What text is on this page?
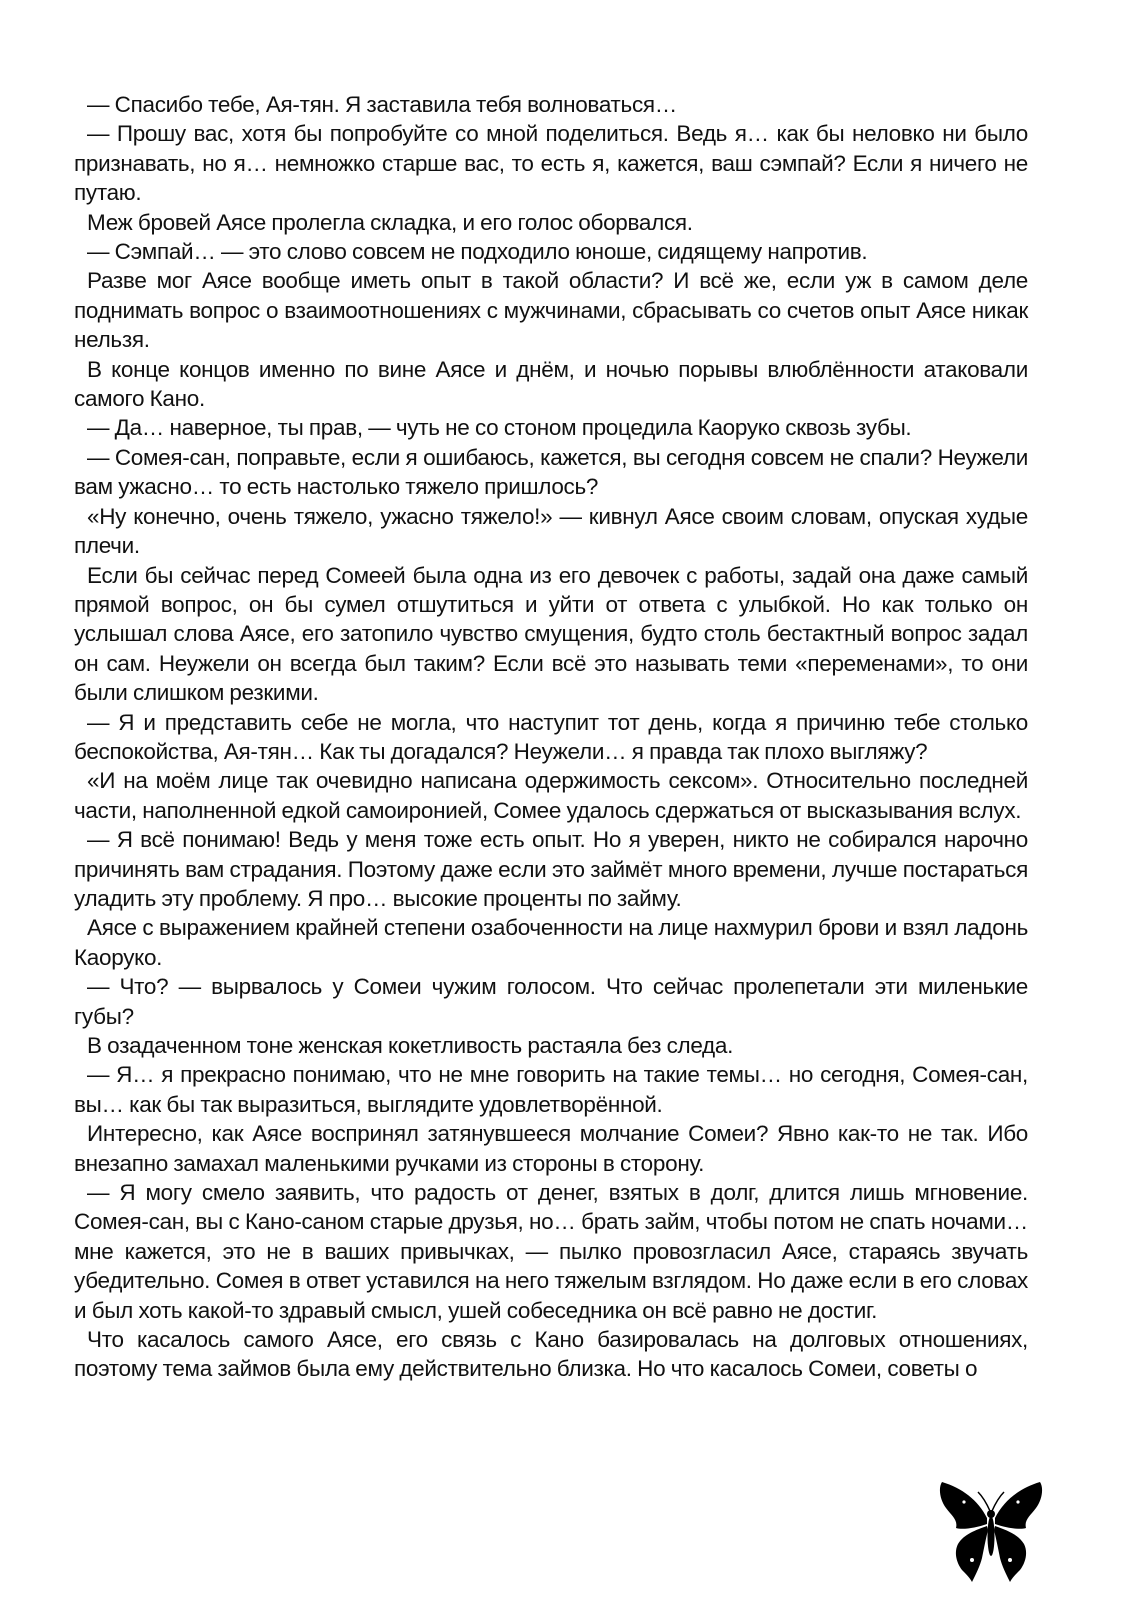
— Спасибо тебе, Ая-тян. Я заставила тебя волноваться…

— Прошу вас, хотя бы попробуйте со мной поделиться. Ведь я… как бы неловко ни было признавать, но я… немножко старше вас, то есть я, кажется, ваш сэмпай? Если я ничего не путаю.

Меж бровей Аясе пролегла складка, и его голос оборвался.

— Сэмпай… — это слово совсем не подходило юноше, сидящему напротив.

Разве мог Аясе вообще иметь опыт в такой области? И всё же, если уж в самом деле поднимать вопрос о взаимоотношениях с мужчинами, сбрасывать со счетов опыт Аясе никак нельзя.

В конце концов именно по вине Аясе и днём, и ночью порывы влюблённости атаковали самого Кано.

— Да… наверное, ты прав, — чуть не со стоном процедила Каоруко сквозь зубы.

— Сомея-сан, поправьте, если я ошибаюсь, кажется, вы сегодня совсем не спали? Неужели вам ужасно… то есть настолько тяжело пришлось?

«Ну конечно, очень тяжело, ужасно тяжело!» — кивнул Аясе своим словам, опуская худые плечи.

Если бы сейчас перед Сомеей была одна из его девочек с работы, задай она даже самый прямой вопрос, он бы сумел отшутиться и уйти от ответа с улыбкой. Но как только он услышал слова Аясе, его затопило чувство смущения, будто столь бестактный вопрос задал он сам. Неужели он всегда был таким? Если всё это называть теми «переменами», то они были слишком резкими.

— Я и представить себе не могла, что наступит тот день, когда я причиню тебе столько беспокойства, Ая-тян… Как ты догадался? Неужели… я правда так плохо выгляжу?

«И на моём лице так очевидно написана одержимость сексом». Относительно последней части, наполненной едкой самоиронией, Сомее удалось сдержаться от высказывания вслух.

— Я всё понимаю! Ведь у меня тоже есть опыт. Но я уверен, никто не собирался нарочно причинять вам страдания. Поэтому даже если это займёт много времени, лучше постараться уладить эту проблему. Я про… высокие проценты по займу.

Аясе с выражением крайней степени озабоченности на лице нахмурил брови и взял ладонь Каоруко.

— Что? — вырвалось у Сомеи чужим голосом. Что сейчас пролепетали эти миленькие губы?

В озадаченном тоне женская кокетливость растаяла без следа.

— Я… я прекрасно понимаю, что не мне говорить на такие темы… но сегодня, Сомея-сан, вы… как бы так выразиться, выглядите удовлетворённой.

Интересно, как Аясе воспринял затянувшееся молчание Сомеи? Явно как-то не так. Ибо внезапно замахал маленькими ручками из стороны в сторону.

— Я могу смело заявить, что радость от денег, взятых в долг, длится лишь мгновение. Сомея-сан, вы с Кано-саном старые друзья, но… брать займ, чтобы потом не спать ночами… мне кажется, это не в ваших привычках, — пылко провозгласил Аясе, стараясь звучать убедительно. Сомея в ответ уставился на него тяжелым взглядом. Но даже если в его словах и был хоть какой-то здравый смысл, ушей собеседника он всё равно не достиг.

Что касалось самого Аясе, его связь с Кано базировалась на долговых отношениях, поэтому тема займов была ему действительно близка. Но что касалось Сомеи, советы о
